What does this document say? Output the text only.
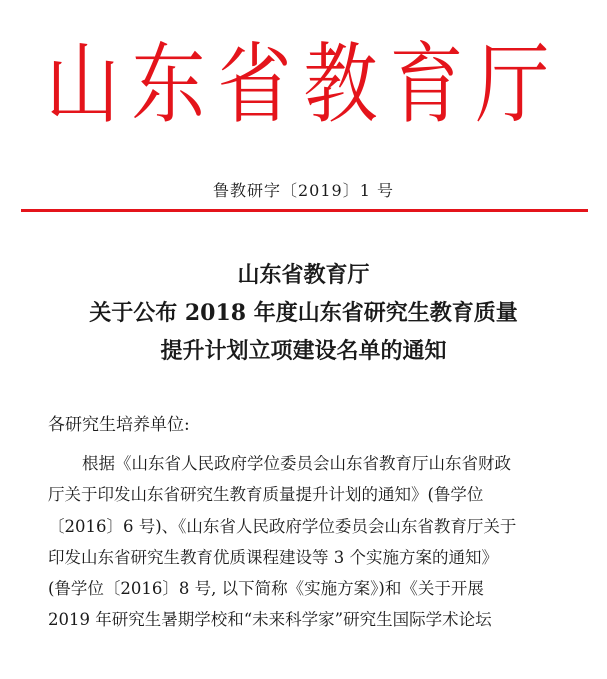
山东省教育厅
鲁教研字〔2019〕1 号
山东省教育厅
关于公布 2018 年度山东省研究生教育质量
提升计划立项建设名单的通知
各研究生培养单位:
根据《山东省人民政府学位委员会山东省教育厅山东省财政
厅关于印发山东省研究生教育质量提升计划的通知》(鲁学位
〔2016〕6 号)、《山东省人民政府学位委员会山东省教育厅关于
印发山东省研究生教育优质课程建设等 3 个实施方案的通知》
(鲁学位〔2016〕8 号, 以下简称《实施方案》)和《关于开展
2019 年研究生暑期学校和“未来科学家”研究生国际学术论坛
